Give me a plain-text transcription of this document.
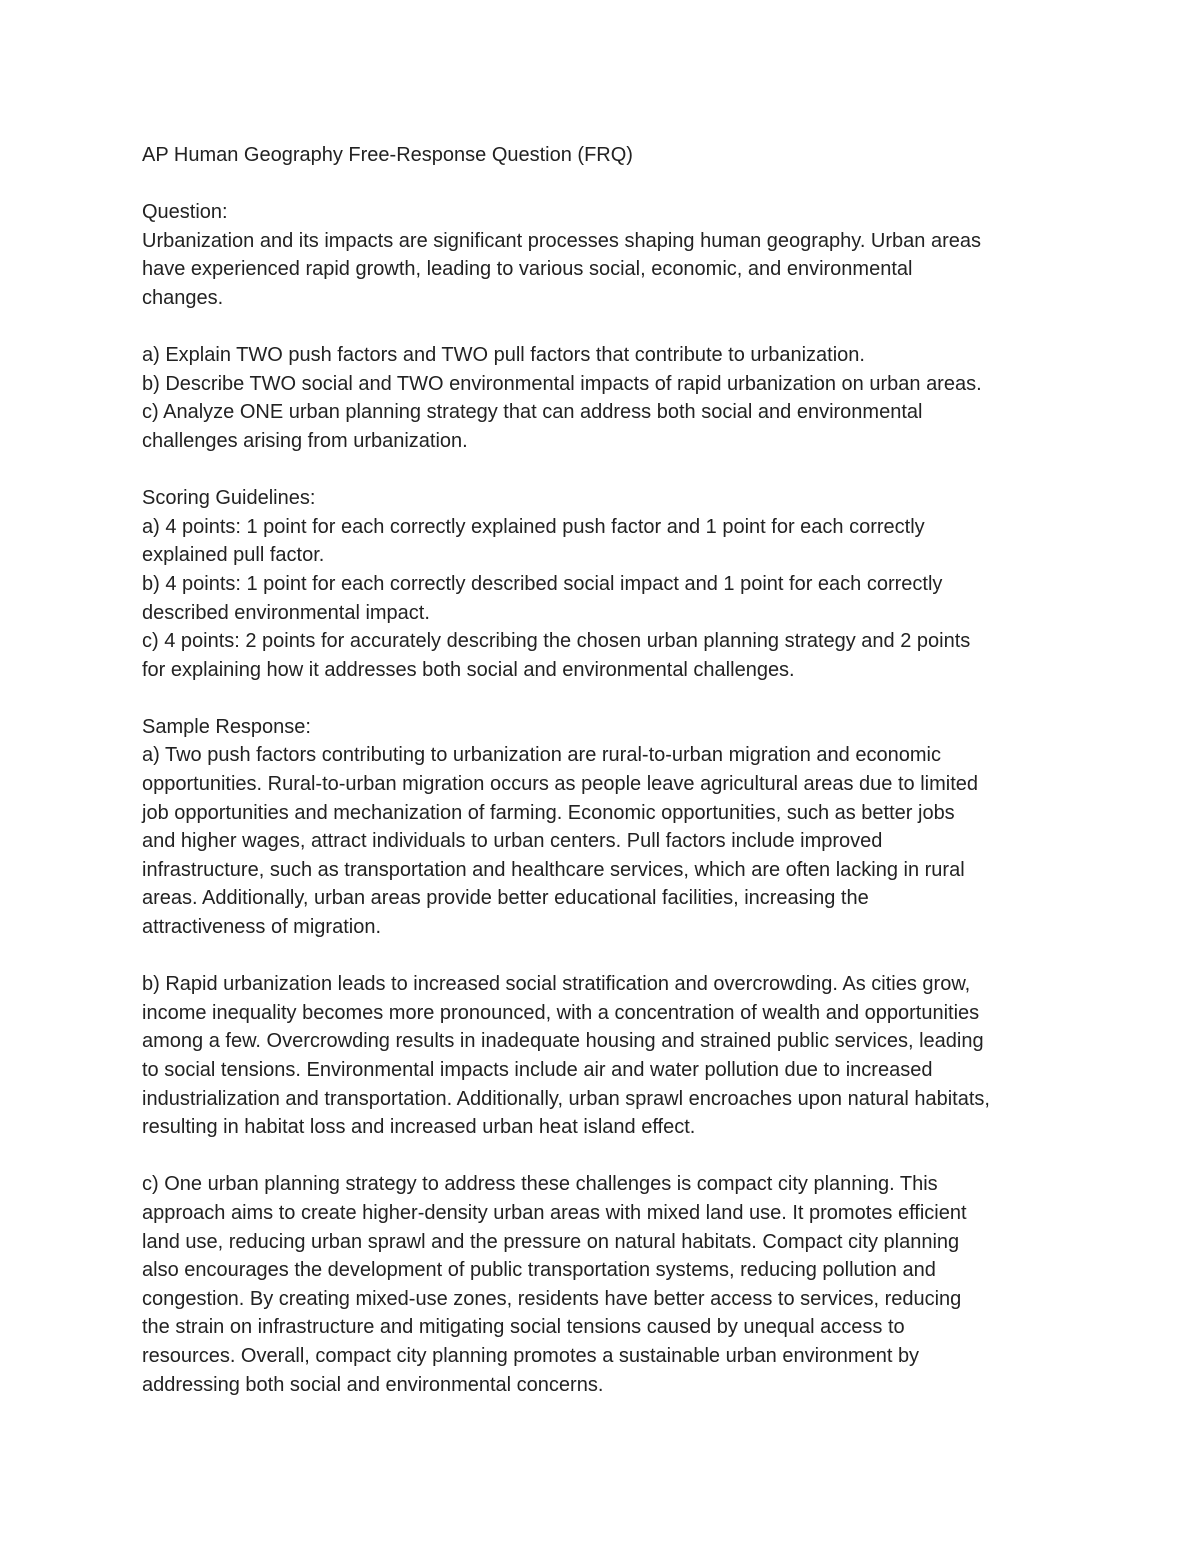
AP Human Geography Free-Response Question (FRQ)
Question:
Urbanization and its impacts are significant processes shaping human geography. Urban areas
have experienced rapid growth, leading to various social, economic, and environmental
changes.
a) Explain TWO push factors and TWO pull factors that contribute to urbanization.
b) Describe TWO social and TWO environmental impacts of rapid urbanization on urban areas.
c) Analyze ONE urban planning strategy that can address both social and environmental
challenges arising from urbanization.
Scoring Guidelines:
a) 4 points: 1 point for each correctly explained push factor and 1 point for each correctly
explained pull factor.
b) 4 points: 1 point for each correctly described social impact and 1 point for each correctly
described environmental impact.
c) 4 points: 2 points for accurately describing the chosen urban planning strategy and 2 points
for explaining how it addresses both social and environmental challenges.
Sample Response:
a) Two push factors contributing to urbanization are rural-to-urban migration and economic
opportunities. Rural-to-urban migration occurs as people leave agricultural areas due to limited
job opportunities and mechanization of farming. Economic opportunities, such as better jobs
and higher wages, attract individuals to urban centers. Pull factors include improved
infrastructure, such as transportation and healthcare services, which are often lacking in rural
areas. Additionally, urban areas provide better educational facilities, increasing the
attractiveness of migration.
b) Rapid urbanization leads to increased social stratification and overcrowding. As cities grow,
income inequality becomes more pronounced, with a concentration of wealth and opportunities
among a few. Overcrowding results in inadequate housing and strained public services, leading
to social tensions. Environmental impacts include air and water pollution due to increased
industrialization and transportation. Additionally, urban sprawl encroaches upon natural habitats,
resulting in habitat loss and increased urban heat island effect.
c) One urban planning strategy to address these challenges is compact city planning. This
approach aims to create higher-density urban areas with mixed land use. It promotes efficient
land use, reducing urban sprawl and the pressure on natural habitats. Compact city planning
also encourages the development of public transportation systems, reducing pollution and
congestion. By creating mixed-use zones, residents have better access to services, reducing
the strain on infrastructure and mitigating social tensions caused by unequal access to
resources. Overall, compact city planning promotes a sustainable urban environment by
addressing both social and environmental concerns.
